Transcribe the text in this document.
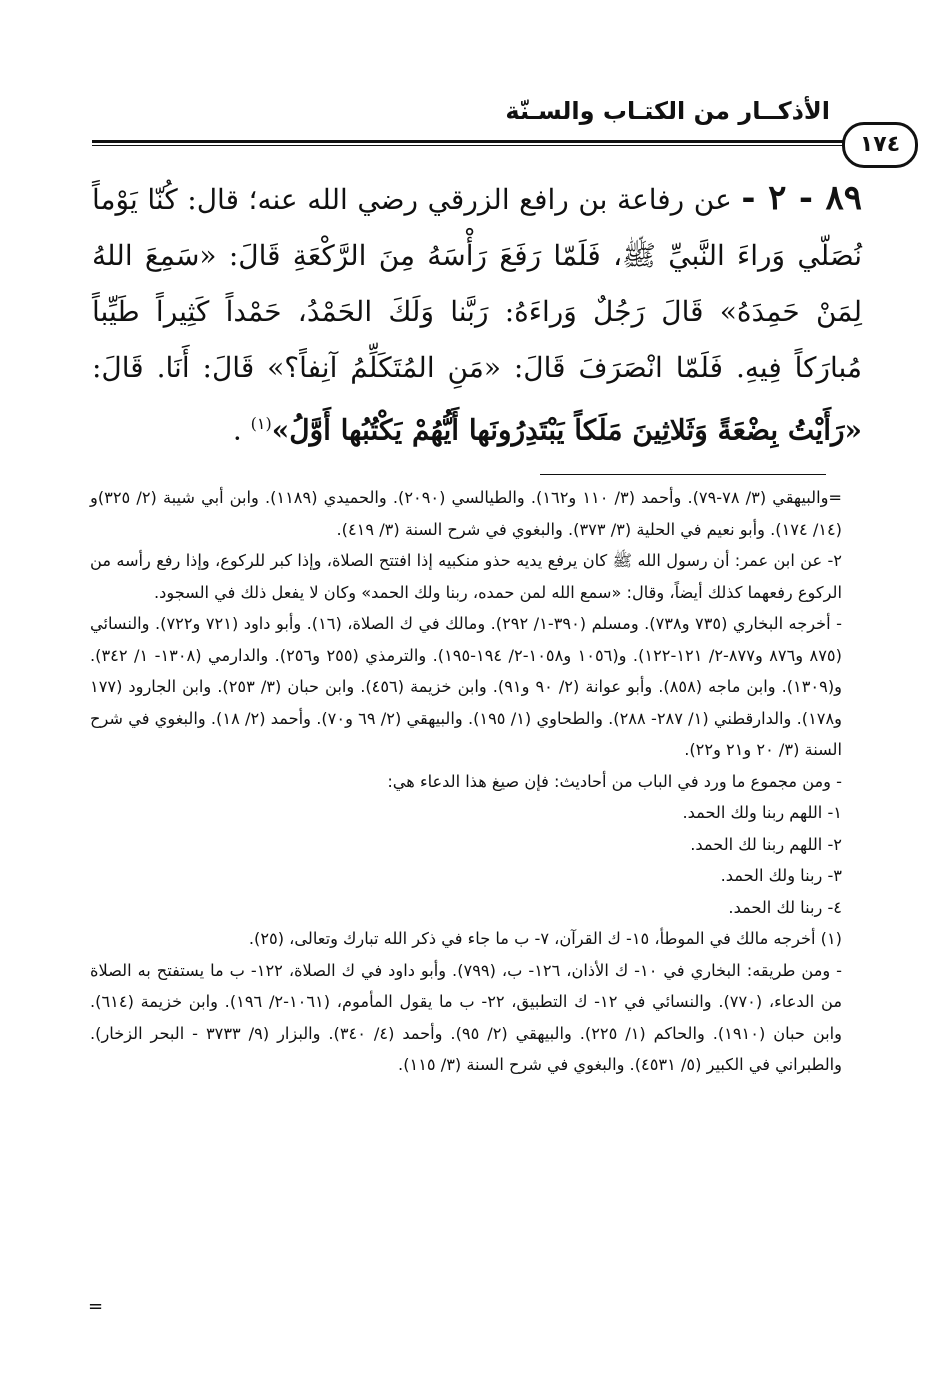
الأذكــار من الكتـاب والسـنّة
١٧٤
٨٩ - ٢ - عن رفاعة بن رافع الزرقي رضي الله عنه؛ قال: كُنّا يَوْماً نُصَلّي وَراءَ النَّبيِّ ﷺ، فَلَمّا رَفَعَ رَأْسَهُ مِنَ الرَّكْعَةِ قَالَ: «سَمِعَ اللهُ لِمَنْ حَمِدَهُ» قَالَ رَجُلٌ وَراءَهُ: رَبَّنا وَلَكَ الحَمْدُ، حَمْداً كَثِيراً طَيِّباً مُبارَكاً فِيهِ. فَلَمّا انْصَرَفَ قَالَ: «مَنِ المُتَكَلِّمُ آنِفاً؟» قَالَ: أَنَا. قَالَ: «رَأَيْتُ بِضْعَةً وَثَلاثِينَ مَلَكاً يَبْتَدِرُونَها أَيُّهُمْ يَكْتُبُها أَوَّلُ»$^{(١)}$ .

=والبيهقي (٣/ ٧٨-٧٩). وأحمد (٣/ ١١٠ و١٦٢). والطيالسي (٢٠٩٠). والحميدي (١١٨٩). وابن أبي شيبة (٢/ ٣٢٥)و (١٤/ ١٧٤). وأبو نعيم في الحلية (٣/ ٣٧٣). والبغوي في شرح السنة (٣/ ٤١٩).

٢- عن ابن عمر: أن رسول الله ﷺ كان يرفع يديه حذو منكبيه إذا افتتح الصلاة، وإذا كبر للركوع، وإذا رفع رأسه من الركوع رفعهما كذلك أيضاً، وقال: «سمع الله لمن حمده، ربنا ولك الحمد» وكان لا يفعل ذلك في السجود.

- أخرجه البخاري (٧٣٥ و٧٣٨). ومسلم (٣٩٠-١/ ٢٩٢). ومالك في ك الصلاة، (١٦). وأبو داود (٧٢١ و٧٢٢). والنسائي (٨٧٥ و٨٧٦ و٨٧٧-٢/ ١٢١-١٢٢). و(١٠٥٦ و١٠٥٨-٢/ ١٩٤-١٩٥). والترمذي (٢٥٥ و٢٥٦). والدارمي (١٣٠٨- ١/ ٣٤٢). و(١٣٠٩). وابن ماجه (٨٥٨). وأبو عوانة (٢/ ٩٠ و٩١). وابن خزيمة (٤٥٦). وابن حبان (٣/ ٢٥٣). وابن الجارود (١٧٧ و١٧٨). والدارقطني (١/ ٢٨٧- ٢٨٨). والطحاوي (١/ ١٩٥). والبيهقي (٢/ ٦٩ و٧٠). وأحمد (٢/ ١٨). والبغوي في شرح السنة (٣/ ٢٠ و٢١ و٢٢).

- ومن مجموع ما ورد في الباب من أحاديث: فإن صيغ هذا الدعاء هي:

١- اللهم ربنا ولك الحمد.

٢- اللهم ربنا لك الحمد.

٣- ربنا ولك الحمد.

٤- ربنا لك الحمد.

(١) أخرجه مالك في الموطأ، ١٥- ك القرآن، ٧- ب ما جاء في ذكر الله تبارك وتعالى، (٢٥).

- ومن طريقه: البخاري في ١٠- ك الأذان، ١٢٦- ب، (٧٩٩). وأبو داود في ك الصلاة، ١٢٢- ب ما يستفتح به الصلاة من الدعاء، (٧٧٠). والنسائي في ١٢- ك التطبيق، ٢٢- ب ما يقول المأموم، (١٠٦١-٢/ ١٩٦). وابن خزيمة (٦١٤). وابن حبان (١٩١٠). والحاكم (١/ ٢٢٥). والبيهقي (٢/ ٩٥). وأحمد (٤/ ٣٤٠). والبزار (٩/ ٣٧٣٣ - البحر الزخار). والطبراني في الكبير (٥/ ٤٥٣١). والبغوي في شرح السنة (٣/ ١١٥).

=
